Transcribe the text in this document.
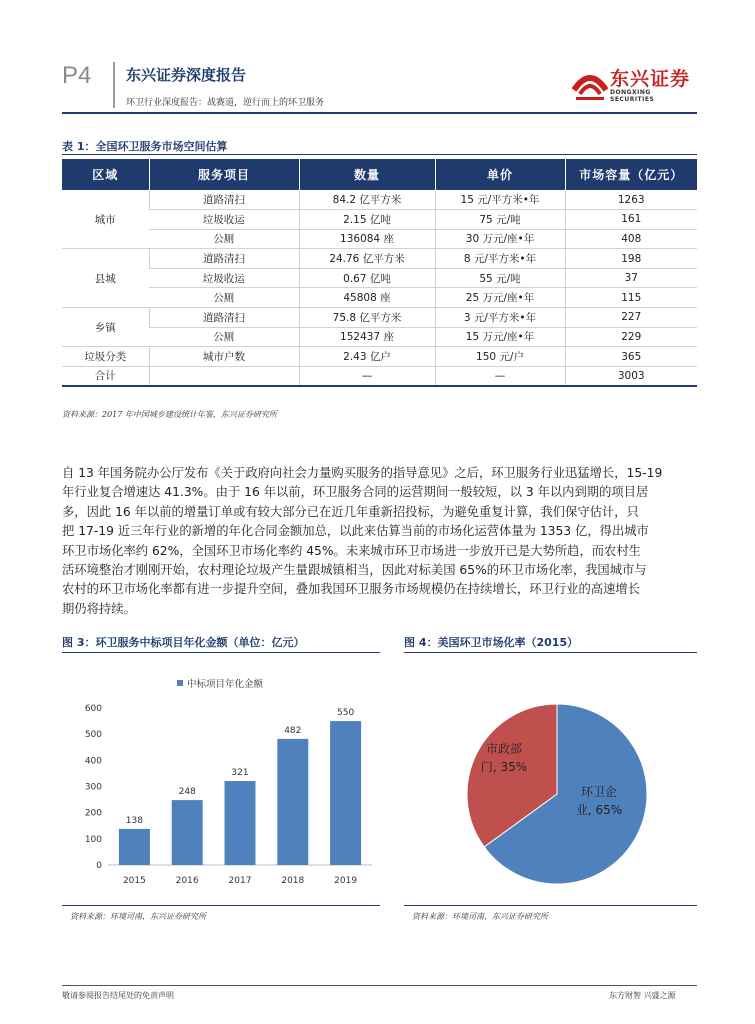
P4 东兴证券深度报告
环卫行业深度报告：战赛道，逆行而上的环卫服务
东兴证券
DONGXING SECURITIES
表 1：全国环卫服务市场空间估算
区域	服务项目	数量	单价	市场容量（亿元）
城市	道路清扫	84.2 亿平方米	15 元/平方米•年	1263
	垃圾收运	2.15 亿吨	75 元/吨	161
	公厕	136084 座	30 万元/座•年	408
县城	道路清扫	24.76 亿平方米	8 元/平方米•年	198
	垃圾收运	0.67 亿吨	55 元/吨	37
	公厕	45808 座	25 万元/座•年	115
乡镇	道路清扫	75.8 亿平方米	3 元/平方米•年	227
	公厕	152437 座	15 万元/座•年	229
垃圾分类	城市户数	2.43 亿户	150 元/户	365
合计		—	—	3003
资料来源：2017 年中国城乡建设统计年鉴，东兴证券研究所
自 13 年国务院办公厅发布《关于政府向社会力量购买服务的指导意见》之后，环卫服务行业迅猛增长，15-19
年行业复合增速达 41.3%。由于 16 年以前，环卫服务合同的运营期间一般较短，以 3 年以内到期的项目居
多，因此 16 年以前的增量订单或有较大部分已在近几年重新招投标，为避免重复计算，我们保守估计，只
把 17-19 近三年行业的新增的年化合同金额加总，以此来估算当前的市场化运营体量为 1353 亿，得出城市
环卫市场化率约 62%，全国环卫市场化率约 45%。未来城市环卫市场进一步放开已是大势所趋，而农村生
活环境整治才刚刚开始，农村理论垃圾产生量跟城镇相当，因此对标美国 65%的环卫市场化率，我国城市与
农村的环卫市场化率都有进一步提升空间，叠加我国环卫服务市场规模仍在持续增长，环卫行业的高速增长
期仍将持续。
图 3：环卫服务中标项目年化金额（单位：亿元）
中标项目年化金额
0
100
200
300
400
500
600
138
2015
248
2016
321
2017
482
2018
550
2019
资料来源：环境司南，东兴证券研究所
图 4：美国环卫市场化率（2015）
环卫企
业, 65%
市政部
门, 35%
资料来源：环境司南，东兴证券研究所
敬请参阅报告结尾处的免责声明	东方财智 兴盛之源
